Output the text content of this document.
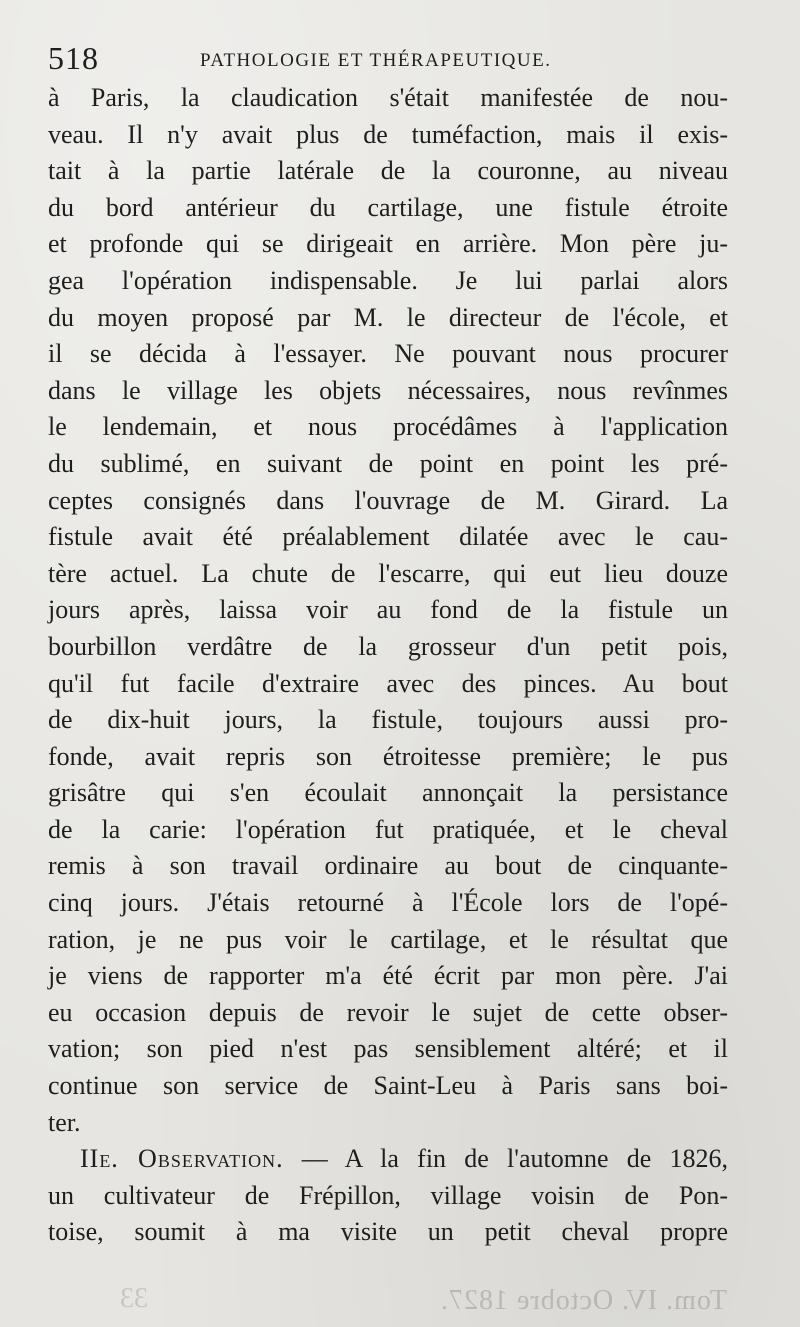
518	PATHOLOGIE ET THÉRAPEUTIQUE.
à Paris, la claudication s'était manifestée de nou-
veau. Il n'y avait plus de tuméfaction, mais il exis-
tait à la partie latérale de la couronne, au niveau
du bord antérieur du cartilage, une fistule étroite
et profonde qui se dirigeait en arrière. Mon père ju-
gea l'opération indispensable. Je lui parlai alors
du moyen proposé par M. le directeur de l'école, et
il se décida à l'essayer. Ne pouvant nous procurer
dans le village les objets nécessaires, nous revînmes
le lendemain, et nous procédâmes à l'application
du sublimé, en suivant de point en point les pré-
ceptes consignés dans l'ouvrage de M. Girard. La
fistule avait été préalablement dilatée avec le cau-
tère actuel. La chute de l'escarre, qui eut lieu douze
jours après, laissa voir au fond de la fistule un
bourbillon verdâtre de la grosseur d'un petit pois,
qu'il fut facile d'extraire avec des pinces. Au bout
de dix-huit jours, la fistule, toujours aussi pro-
fonde, avait repris son étroitesse première; le pus
grisâtre qui s'en écoulait annonçait la persistance
de la carie: l'opération fut pratiquée, et le cheval
remis à son travail ordinaire au bout de cinquante-
cinq jours. J'étais retourné à l'École lors de l'opé-
ration, je ne pus voir le cartilage, et le résultat que
je viens de rapporter m'a été écrit par mon père. J'ai
eu occasion depuis de revoir le sujet de cette obser-
vation; son pied n'est pas sensiblement altéré; et il
continue son service de Saint-Leu à Paris sans boi-
ter.
IIe. Observation. — A la fin de l'automne de 1826,
un cultivateur de Frépillon, village voisin de Pon-
toise, soumit à ma visite un petit cheval propre
33	Tom. IV. Octobre 1827.
